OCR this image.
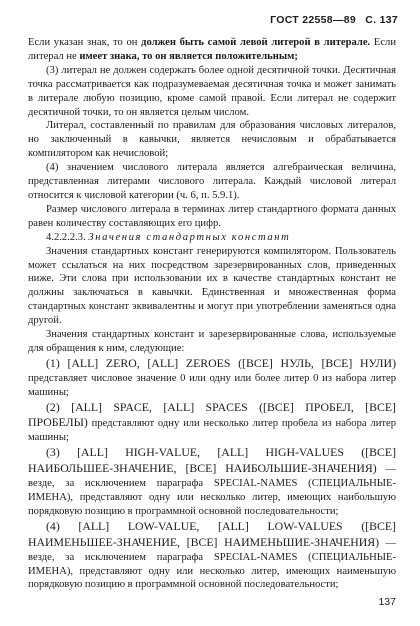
ГОСТ 22558—89 С. 137

Если указан знак, то он должен быть самой левой литерой в литерале. Если литерал не имеет знака, то он является положительным;

(3) литерал не должен содержать более одной десятичной точки. Десятичная точка рассматривается как подразумеваемая десятичная точка и может занимать в литерале любую позицию, кроме самой правой. Если литерал не содержит десятичной точки, то он является целым числом.

Литерал, составленный по правилам для образования числовых литералов, но заключенный в кавычки, является нечисловым и обрабатывается компилятором как нечисловой;

(4) значением числового литерала является алгебраическая величина, представленная литерами числового литерала. Каждый числовой литерал относится к числовой категории (ч. 6, п. 5.9.1).

Размер числового литерала в терминах литер стандартного формата данных равен количеству составляющих его цифр.

4.2.2.2.3. Значения стандартных констант

Значения стандартных констант генерируются компилятором. Пользователь может ссылаться на них посредством зарезервированных слов, приведенных ниже. Эти слова при использовании их в качестве стандартных констант не должны заключаться в кавычки. Единственная и множественная форма стандартных констант эквивалентны и могут при употреблении заменяться одна другой.

Значения стандартных констант и зарезервированные слова, используемые для обращения к ним, следующие:

(1) [ALL] ZERO, [ALL] ZEROES ([ВСЕ] НУЛЬ, [ВСЕ] НУЛИ) представляет числовое значение 0 или одну или более литер 0 из набора литер машины;

(2) [ALL] SPACE, [ALL] SPACES ([ВСЕ] ПРОБЕЛ, [ВСЕ] ПРОБЕЛЫ) представляют одну или несколько литер пробела из набора литер машины;

(3) [ALL] HIGH-VALUE, [ALL] HIGH-VALUES ([ВСЕ] НАИБОЛЬШЕЕ-ЗНАЧЕНИЕ, [ВСЕ] НАИБОЛЬШИЕ-ЗНАЧЕНИЯ) — везде, за исключением параграфа SPECIAL-NAMES (СПЕЦИАЛЬНЫЕ-ИМЕНА), представляют одну или несколько литер, имеющих наибольшую порядковую позицию в программной основной последовательности;

(4) [ALL] LOW-VALUE, [ALL] LOW-VALUES ([ВСЕ] НАИМЕНЬШЕЕ-ЗНАЧЕНИЕ, [ВСЕ] НАИМЕНЬШИЕ-ЗНАЧЕНИЯ) — везде, за исключением параграфа SPECIAL-NAMES (СПЕЦИАЛЬНЫЕ-ИМЕНА), представляют одну или несколько литер, имеющих наименьшую порядковую позицию в программной основной последовательности;

137
